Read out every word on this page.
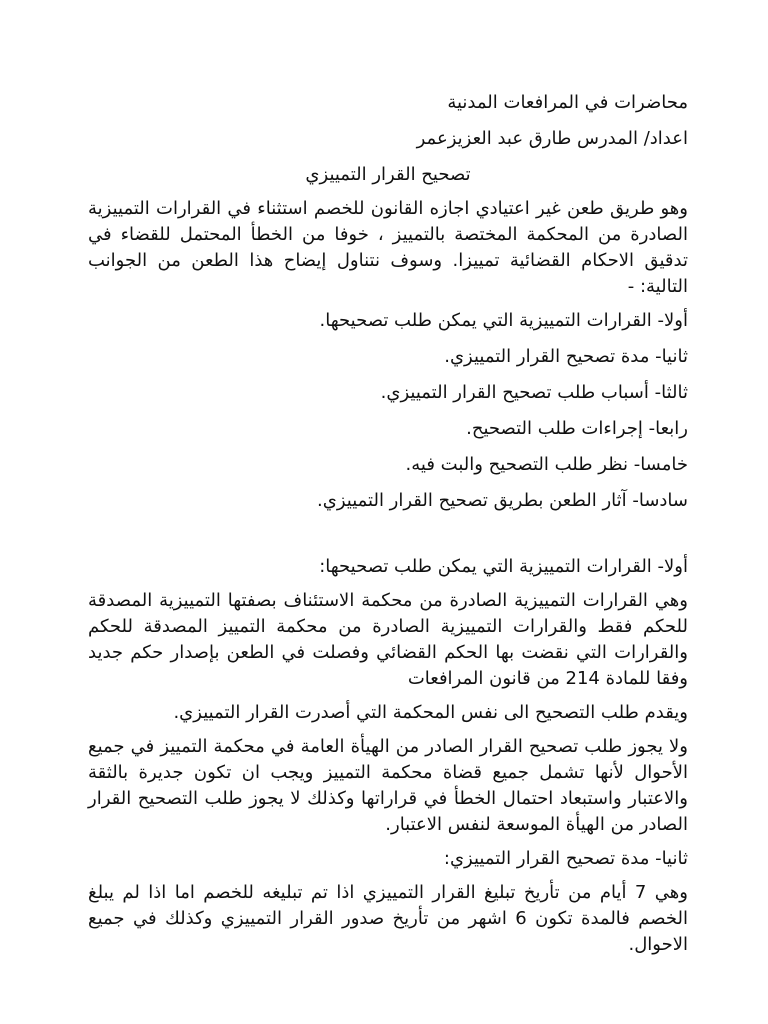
محاضرات في المرافعات المدنية

اعداد/ المدرس طارق عبد العزيزعمر

تصحيح القرار التمييزي

وهو طريق طعن غير اعتيادي اجازه القانون للخصم استثناء في القرارات التمييزية الصادرة من المحكمة المختصة بالتمييز ، خوفا من الخطأ المحتمل للقضاء في تدقيق الاحكام القضائية تمييزا. وسوف نتناول إيضاح هذا الطعن من الجوانب التالية: -

أولا- القرارات التمييزية التي يمكن طلب تصحيحها.

ثانيا- مدة تصحيح القرار التمييزي.

ثالثا- أسباب طلب تصحيح القرار التمييزي.

رابعا- إجراءات طلب التصحيح.

خامسا- نظر طلب التصحيح والبت فيه.

سادسا- آثار الطعن بطريق تصحيح القرار التمييزي.

أولا- القرارات التمييزية التي يمكن طلب تصحيحها:

وهي القرارات التمييزية الصادرة من محكمة الاستئناف بصفتها التمييزية المصدقة للحكم فقط والقرارات التمييزية الصادرة من محكمة التمييز المصدقة للحكم والقرارات التي نقضت بها الحكم القضائي وفصلت في الطعن بإصدار حكم جديد وفقا للمادة 214 من قانون المرافعات

ويقدم طلب التصحيح الى نفس المحكمة التي أصدرت القرار التمييزي.

ولا يجوز طلب تصحيح القرار الصادر من الهيأة العامة في محكمة التمييز في جميع الأحوال لأنها تشمل جميع قضاة محكمة التمييز ويجب ان تكون جديرة بالثقة والاعتبار واستبعاد احتمال الخطأ في قراراتها وكذلك لا يجوز طلب التصحيح القرار الصادر من الهيأة الموسعة لنفس الاعتبار.

ثانيا- مدة تصحيح القرار التمييزي:

وهي 7 أيام من تأريخ تبليغ القرار التمييزي اذا تم تبليغه للخصم اما اذا لم يبلغ الخصم فالمدة تكون 6 اشهر من تأريخ صدور القرار التمييزي وكذلك في جميع الاحوال.
